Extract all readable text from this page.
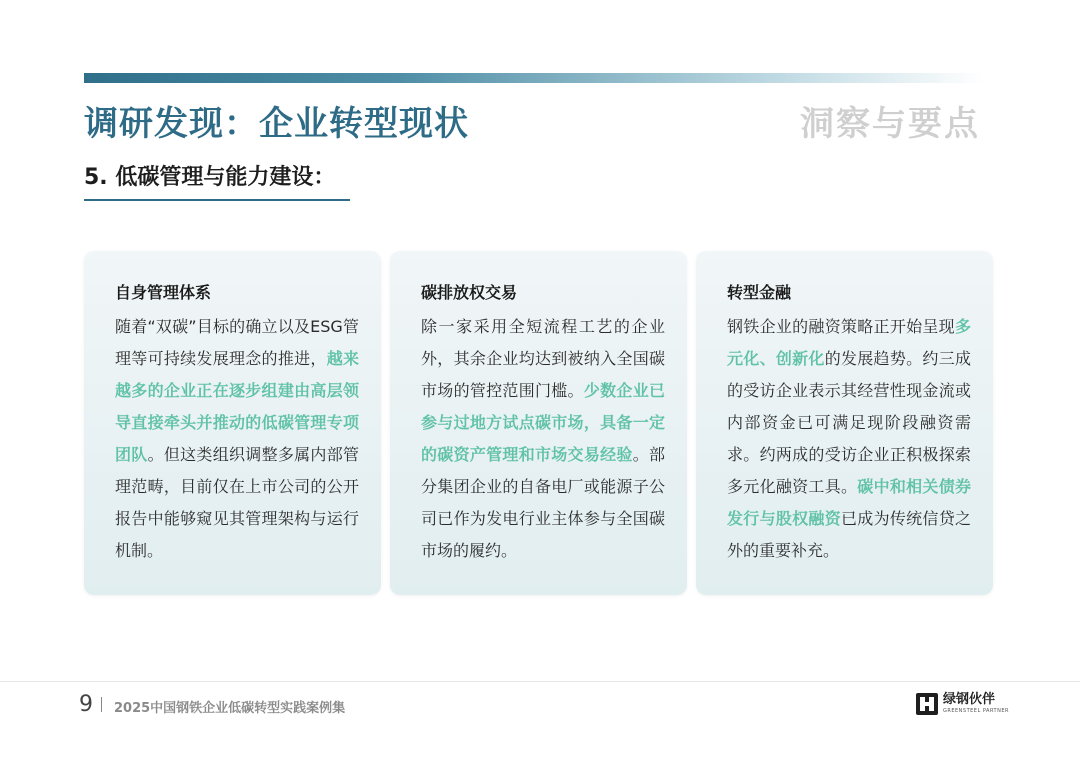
调研发现：企业转型现状	洞察与要点
5. 低碳管理与能力建设：
自身管理体系
随着“双碳”目标的确立以及ESG管理等可持续发展理念的推进，越来越多的企业正在逐步组建由高层领导直接牵头并推动的低碳管理专项团队。但这类组织调整多属内部管理范畴，目前仅在上市公司的公开报告中能够窥见其管理架构与运行机制。
碳排放权交易
除一家采用全短流程工艺的企业外，其余企业均达到被纳入全国碳市场的管控范围门槛。少数企业已参与过地方试点碳市场，具备一定的碳资产管理和市场交易经验。部分集团企业的自备电厂或能源子公司已作为发电行业主体参与全国碳市场的履约。
转型金融
钢铁企业的融资策略正开始呈现多元化、创新化的发展趋势。约三成的受访企业表示其经营性现金流或内部资金已可满足现阶段融资需求。约两成的受访企业正积极探索多元化融资工具。碳中和相关债券发行与股权融资已成为传统信贷之外的重要补充。
9 2025中国钢铁企业低碳转型实践案例集
绿钢伙伴
GREENSTEEL PARTNER
